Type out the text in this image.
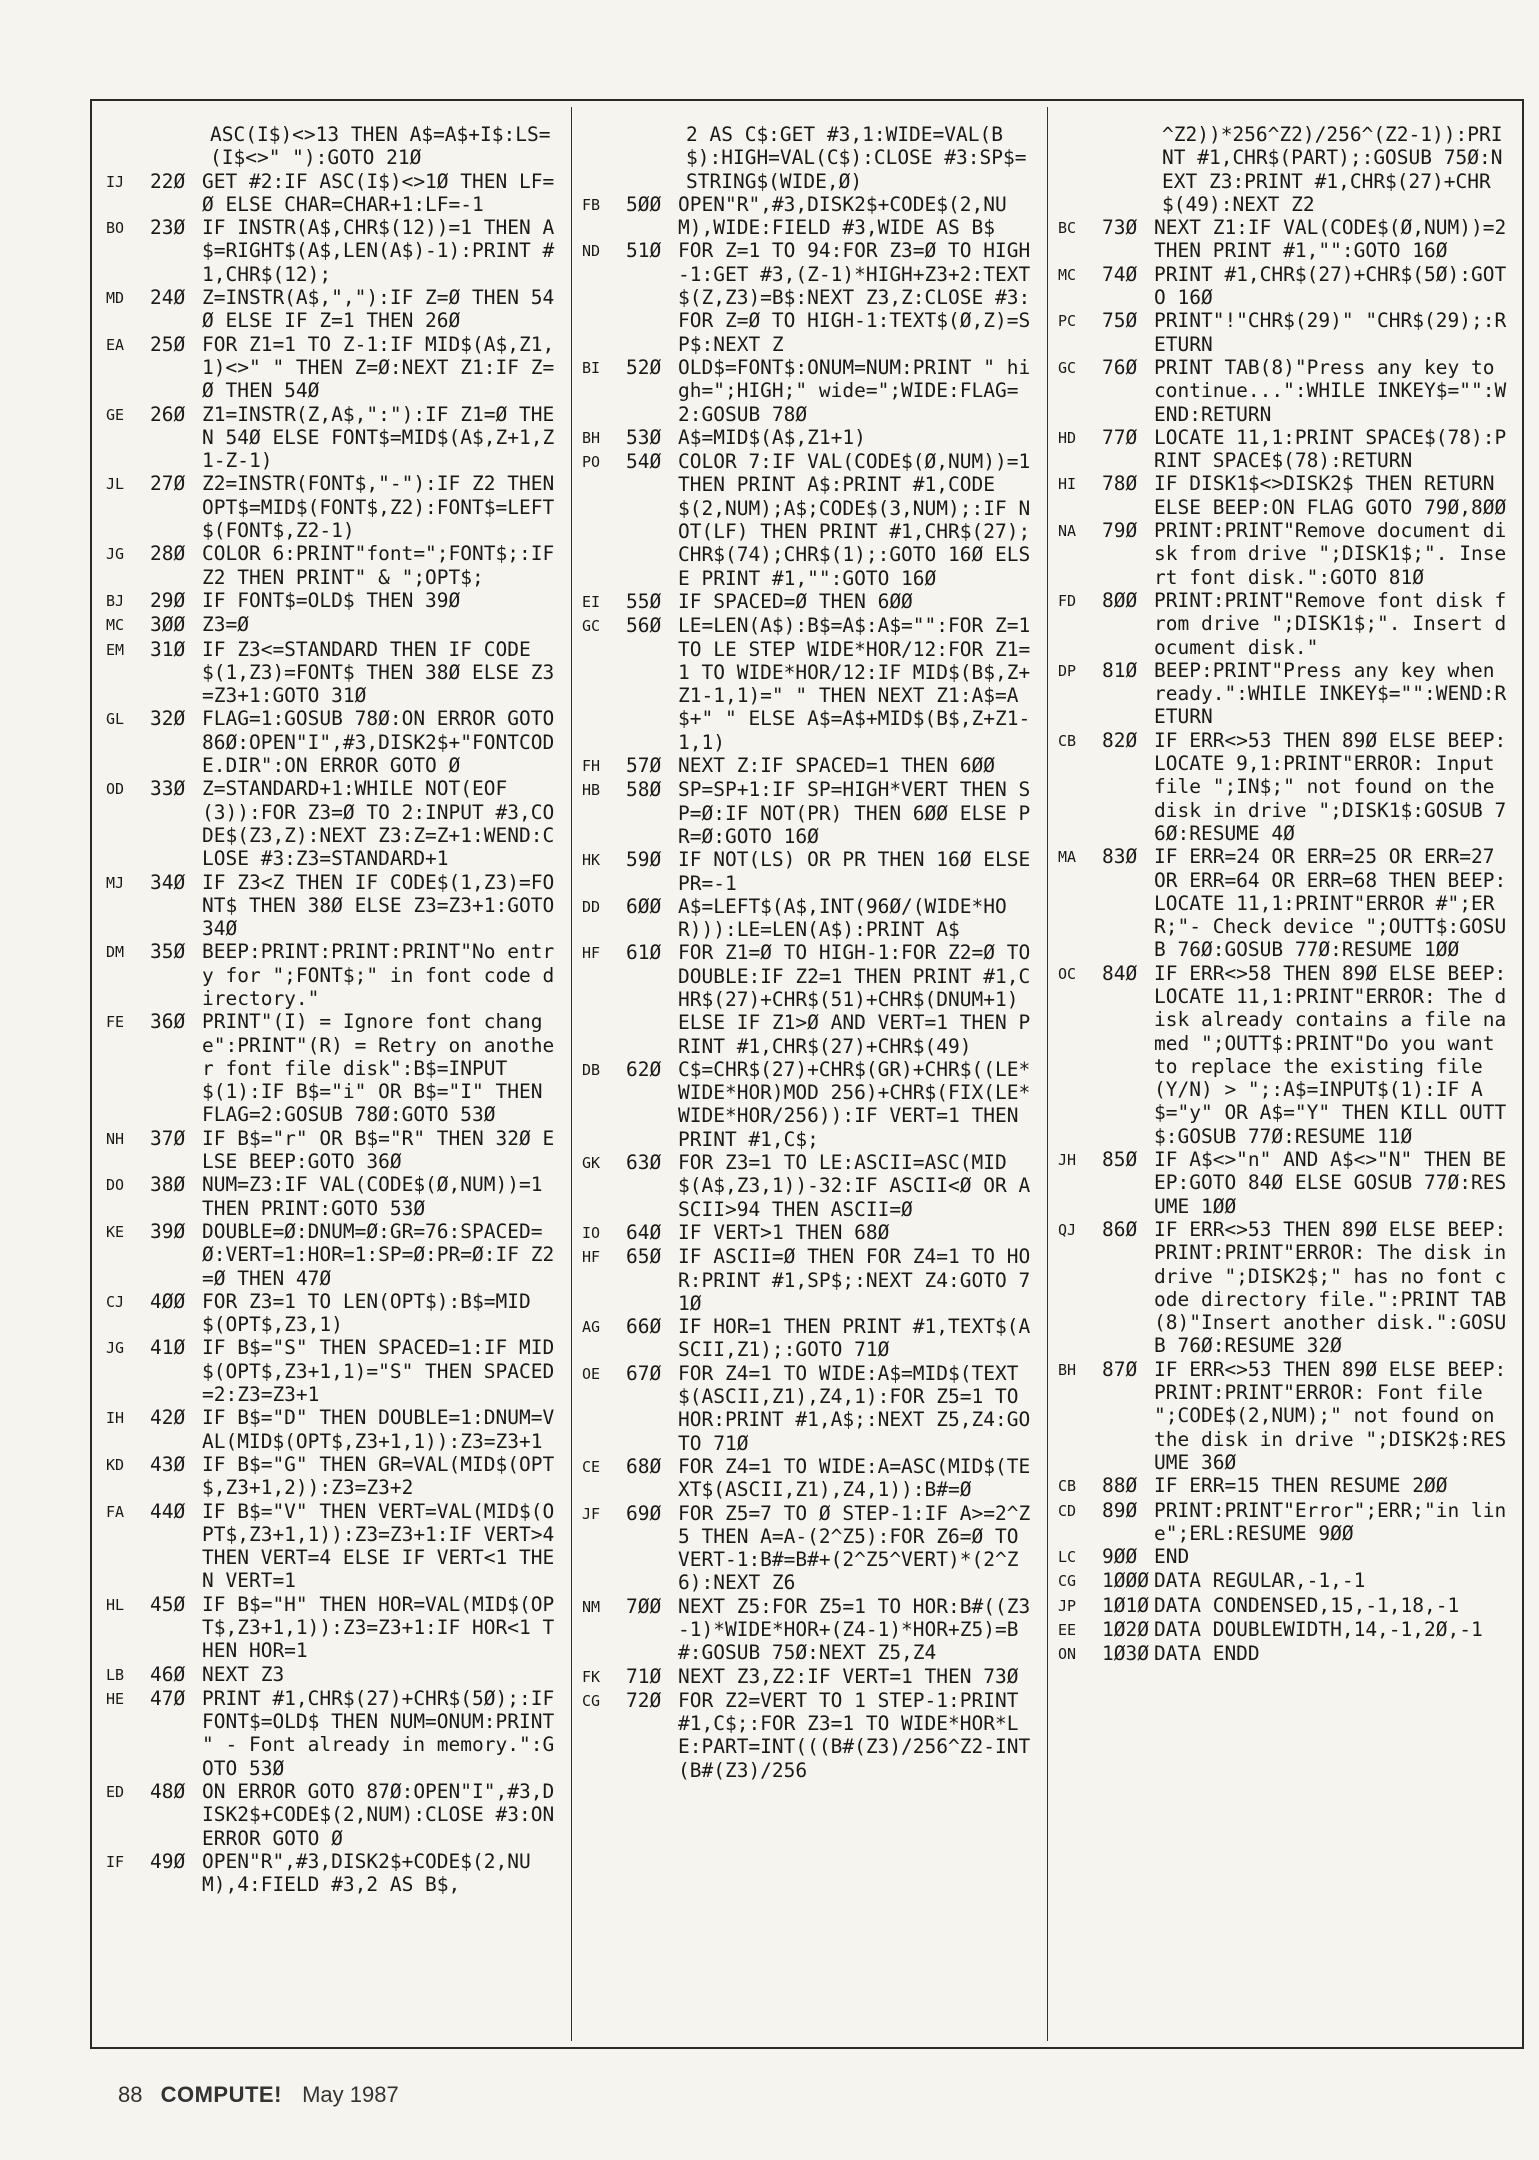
ASC(I$)<>13 THEN A$=A$+I$:LS=(I$<>" "):GOTO 21Ø
IJ	22Ø GET #2:IF ASC(I$)<>1Ø THEN LF=Ø ELSE CHAR=CHAR+1:LF=-1
BO	23Ø IF INSTR(A$,CHR$(12))=1 THEN A$=RIGHT$(A$,LEN(A$)-1):PRINT #1,CHR$(12);
MD	24Ø Z=INSTR(A$,","):IF Z=Ø THEN 54Ø ELSE IF Z=1 THEN 26Ø
EA	25Ø FOR Z1=1 TO Z-1:IF MID$(A$,Z1,1)<>" " THEN Z=Ø:NEXT Z1:IF Z=Ø THEN 54Ø
GE	26Ø Z1=INSTR(Z,A$,":"):IF Z1=Ø THEN 54Ø ELSE FONT$=MID$(A$,Z+1,Z1-Z-1)
JL	27Ø Z2=INSTR(FONT$,"-"):IF Z2 THEN OPT$=MID$(FONT$,Z2):FONT$=LEFT$(FONT$,Z2-1)
JG	28Ø COLOR 6:PRINT"font=";FONT$;:IF Z2 THEN PRINT" & ";OPT$;
BJ	29Ø IF FONT$=OLD$ THEN 39Ø
MC	3ØØ Z3=Ø
EM	31Ø IF Z3<=STANDARD THEN IF CODE$(1,Z3)=FONT$ THEN 38Ø ELSE Z3=Z3+1:GOTO 31Ø
GL	32Ø FLAG=1:GOSUB 78Ø:ON ERROR GOTO 86Ø:OPEN"I",#3,DISK2$+"FONTCODE.DIR":ON ERROR GOTO Ø
OD	33Ø Z=STANDARD+1:WHILE NOT(EOF(3)):FOR Z3=Ø TO 2:INPUT #3,CODE$(Z3,Z):NEXT Z3:Z=Z+1:WEND:CLOSE #3:Z3=STANDARD+1
MJ	34Ø IF Z3<Z THEN IF CODE$(1,Z3)=FONT$ THEN 38Ø ELSE Z3=Z3+1:GOTO 34Ø
DM	35Ø BEEP:PRINT:PRINT:PRINT"No entry for ";FONT$;" in font code directory."
FE	36Ø PRINT"(I) = Ignore font change":PRINT"(R) = Retry on another font file disk":B$=INPUT$(1):IF B$="i" OR B$="I" THEN FLAG=2:GOSUB 78Ø:GOTO 53Ø
NH	37Ø IF B$="r" OR B$="R" THEN 32Ø ELSE BEEP:GOTO 36Ø
DO	38Ø NUM=Z3:IF VAL(CODE$(Ø,NUM))=1 THEN PRINT:GOTO 53Ø
KE	39Ø DOUBLE=Ø:DNUM=Ø:GR=76:SPACED=Ø:VERT=1:HOR=1:SP=Ø:PR=Ø:IF Z2=Ø THEN 47Ø
CJ	4ØØ FOR Z3=1 TO LEN(OPT$):B$=MID$(OPT$,Z3,1)
JG	41Ø IF B$="S" THEN SPACED=1:IF MID$(OPT$,Z3+1,1)="S" THEN SPACED=2:Z3=Z3+1
IH	42Ø IF B$="D" THEN DOUBLE=1:DNUM=VAL(MID$(OPT$,Z3+1,1)):Z3=Z3+1
KD	43Ø IF B$="G" THEN GR=VAL(MID$(OPT$,Z3+1,2)):Z3=Z3+2
FA	44Ø IF B$="V" THEN VERT=VAL(MID$(OPT$,Z3+1,1)):Z3=Z3+1:IF VERT>4 THEN VERT=4 ELSE IF VERT<1 THEN VERT=1
HL	45Ø IF B$="H" THEN HOR=VAL(MID$(OPT$,Z3+1,1)):Z3=Z3+1:IF HOR<1 THEN HOR=1
LB	46Ø NEXT Z3
HE	47Ø PRINT #1,CHR$(27)+CHR$(5Ø);:IF FONT$=OLD$ THEN NUM=ONUM:PRINT " - Font already in memory.":GOTO 53Ø
ED	48Ø ON ERROR GOTO 87Ø:OPEN"I",#3,DISK2$+CODE$(2,NUM):CLOSE #3:ON ERROR GOTO Ø
IF	49Ø OPEN"R",#3,DISK2$+CODE$(2,NUM),4:FIELD #3,2 AS B$,
2 AS C$:GET #3,1:WIDE=VAL(B$):HIGH=VAL(C$):CLOSE #3:SP$=STRING$(WIDE,Ø)
FB	5ØØ OPEN"R",#3,DISK2$+CODE$(2,NUM),WIDE:FIELD #3,WIDE AS B$
ND	51Ø FOR Z=1 TO 94:FOR Z3=Ø TO HIGH-1:GET #3,(Z-1)*HIGH+Z3+2:TEXT$(Z,Z3)=B$:NEXT Z3,Z:CLOSE #3:FOR Z=Ø TO HIGH-1:TEXT$(Ø,Z)=SP$:NEXT Z
BI	52Ø OLD$=FONT$:ONUM=NUM:PRINT " high=";HIGH;" wide=";WIDE:FLAG=2:GOSUB 78Ø
BH	53Ø A$=MID$(A$,Z1+1)
PO	54Ø COLOR 7:IF VAL(CODE$(Ø,NUM))=1 THEN PRINT A$:PRINT #1,CODE$(2,NUM);A$;CODE$(3,NUM);:IF NOT(LF) THEN PRINT #1,CHR$(27);CHR$(74);CHR$(1);:GOTO 16Ø ELSE PRINT #1,"":GOTO 16Ø
EI	55Ø IF SPACED=Ø THEN 6ØØ
GC	56Ø LE=LEN(A$):B$=A$:A$="":FOR Z=1 TO LE STEP WIDE*HOR/12:FOR Z1=1 TO WIDE*HOR/12:IF MID$(B$,Z+Z1-1,1)=" " THEN NEXT Z1:A$=A$+" " ELSE A$=A$+MID$(B$,Z+Z1-1,1)
FH	57Ø NEXT Z:IF SPACED=1 THEN 6ØØ
HB	58Ø SP=SP+1:IF SP=HIGH*VERT THEN SP=Ø:IF NOT(PR) THEN 6ØØ ELSE PR=Ø:GOTO 16Ø
HK	59Ø IF NOT(LS) OR PR THEN 16Ø ELSE PR=-1
DD	6ØØ A$=LEFT$(A$,INT(96Ø/(WIDE*HOR))):LE=LEN(A$):PRINT A$
HF	61Ø FOR Z1=Ø TO HIGH-1:FOR Z2=Ø TO DOUBLE:IF Z2=1 THEN PRINT #1,CHR$(27)+CHR$(51)+CHR$(DNUM+1) ELSE IF Z1>Ø AND VERT=1 THEN PRINT #1,CHR$(27)+CHR$(49)
DB	62Ø C$=CHR$(27)+CHR$(GR)+CHR$((LE*WIDE*HOR)MOD 256)+CHR$(FIX(LE*WIDE*HOR/256)):IF VERT=1 THEN PRINT #1,C$;
GK	63Ø FOR Z3=1 TO LE:ASCII=ASC(MID$(A$,Z3,1))-32:IF ASCII<Ø OR ASCII>94 THEN ASCII=Ø
IO	64Ø IF VERT>1 THEN 68Ø
HF	65Ø IF ASCII=Ø THEN FOR Z4=1 TO HOR:PRINT #1,SP$;:NEXT Z4:GOTO 71Ø
AG	66Ø IF HOR=1 THEN PRINT #1,TEXT$(ASCII,Z1);:GOTO 71Ø
OE	67Ø FOR Z4=1 TO WIDE:A$=MID$(TEXT$(ASCII,Z1),Z4,1):FOR Z5=1 TO HOR:PRINT #1,A$;:NEXT Z5,Z4:GOTO 71Ø
CE	68Ø FOR Z4=1 TO WIDE:A=ASC(MID$(TEXT$(ASCII,Z1),Z4,1)):B#=Ø
JF	69Ø FOR Z5=7 TO Ø STEP-1:IF A>=2^Z5 THEN A=A-(2^Z5):FOR Z6=Ø TO VERT-1:B#=B#+(2^Z5^VERT)*(2^Z6):NEXT Z6
NM	7ØØ NEXT Z5:FOR Z5=1 TO HOR:B#((Z3-1)*WIDE*HOR+(Z4-1)*HOR+Z5)=B#:GOSUB 75Ø:NEXT Z5,Z4
FK	71Ø NEXT Z3,Z2:IF VERT=1 THEN 73Ø
CG	72Ø FOR Z2=VERT TO 1 STEP-1:PRINT #1,C$;:FOR Z3=1 TO WIDE*HOR*LE:PART=INT(((B#(Z3)/256^Z2-INT(B#(Z3)/256
^Z2))*256^Z2)/256^(Z2-1)):PRINT #1,CHR$(PART);:GOSUB 75Ø:NEXT Z3:PRINT #1,CHR$(27)+CHR$(49):NEXT Z2
BC	73Ø NEXT Z1:IF VAL(CODE$(Ø,NUM))=2 THEN PRINT #1,"":GOTO 16Ø
MC	74Ø PRINT #1,CHR$(27)+CHR$(5Ø):GOTO 16Ø
PC	75Ø PRINT"!"CHR$(29)" "CHR$(29);:RETURN
GC	76Ø PRINT TAB(8)"Press any key to continue...":WHILE INKEY$="":WEND:RETURN
HD	77Ø LOCATE 11,1:PRINT SPACE$(78):PRINT SPACE$(78):RETURN
HI	78Ø IF DISK1$<>DISK2$ THEN RETURN ELSE BEEP:ON FLAG GOTO 79Ø,8ØØ
NA	79Ø PRINT:PRINT"Remove document disk from drive ";DISK1$;". Insert font disk.":GOTO 81Ø
FD	8ØØ PRINT:PRINT"Remove font disk from drive ";DISK1$;". Insert document disk."
DP	81Ø BEEP:PRINT"Press any key when ready.":WHILE INKEY$="":WEND:RETURN
CB	82Ø IF ERR<>53 THEN 89Ø ELSE BEEP:LOCATE 9,1:PRINT"ERROR: Input file ";IN$;" not found on the disk in drive ";DISK1$:GOSUB 76Ø:RESUME 4Ø
MA	83Ø IF ERR=24 OR ERR=25 OR ERR=27 OR ERR=64 OR ERR=68 THEN BEEP:LOCATE 11,1:PRINT"ERROR #";ERR;"- Check device ";OUTT$:GOSUB 76Ø:GOSUB 77Ø:RESUME 1ØØ
OC	84Ø IF ERR<>58 THEN 89Ø ELSE BEEP:LOCATE 11,1:PRINT"ERROR: The disk already contains a file named ";OUTT$:PRINT"Do you want to replace the existing file (Y/N) > ";:A$=INPUT$(1):IF A$="y" OR A$="Y" THEN KILL OUTT$:GOSUB 77Ø:RESUME 11Ø
JH	85Ø IF A$<>"n" AND A$<>"N" THEN BEEP:GOTO 84Ø ELSE GOSUB 77Ø:RESUME 1ØØ
QJ	86Ø IF ERR<>53 THEN 89Ø ELSE BEEP:PRINT:PRINT"ERROR: The disk in drive ";DISK2$;" has no font code directory file.":PRINT TAB(8)"Insert another disk.":GOSUB 76Ø:RESUME 32Ø
BH	87Ø IF ERR<>53 THEN 89Ø ELSE BEEP:PRINT:PRINT"ERROR: Font file ";CODE$(2,NUM);" not found on the disk in drive ";DISK2$:RESUME 36Ø
CB	88Ø IF ERR=15 THEN RESUME 2ØØ
CD	89Ø PRINT:PRINT"Error";ERR;"in line";ERL:RESUME 9ØØ
LC	9ØØ END
CG	1ØØØ DATA REGULAR,-1,-1
JP	1Ø1Ø DATA CONDENSED,15,-1,18,-1
EE	1Ø2Ø DATA DOUBLEWIDTH,14,-1,2Ø,-1
ON	1Ø3Ø DATA ENDD
88 COMPUTE! May 1987
